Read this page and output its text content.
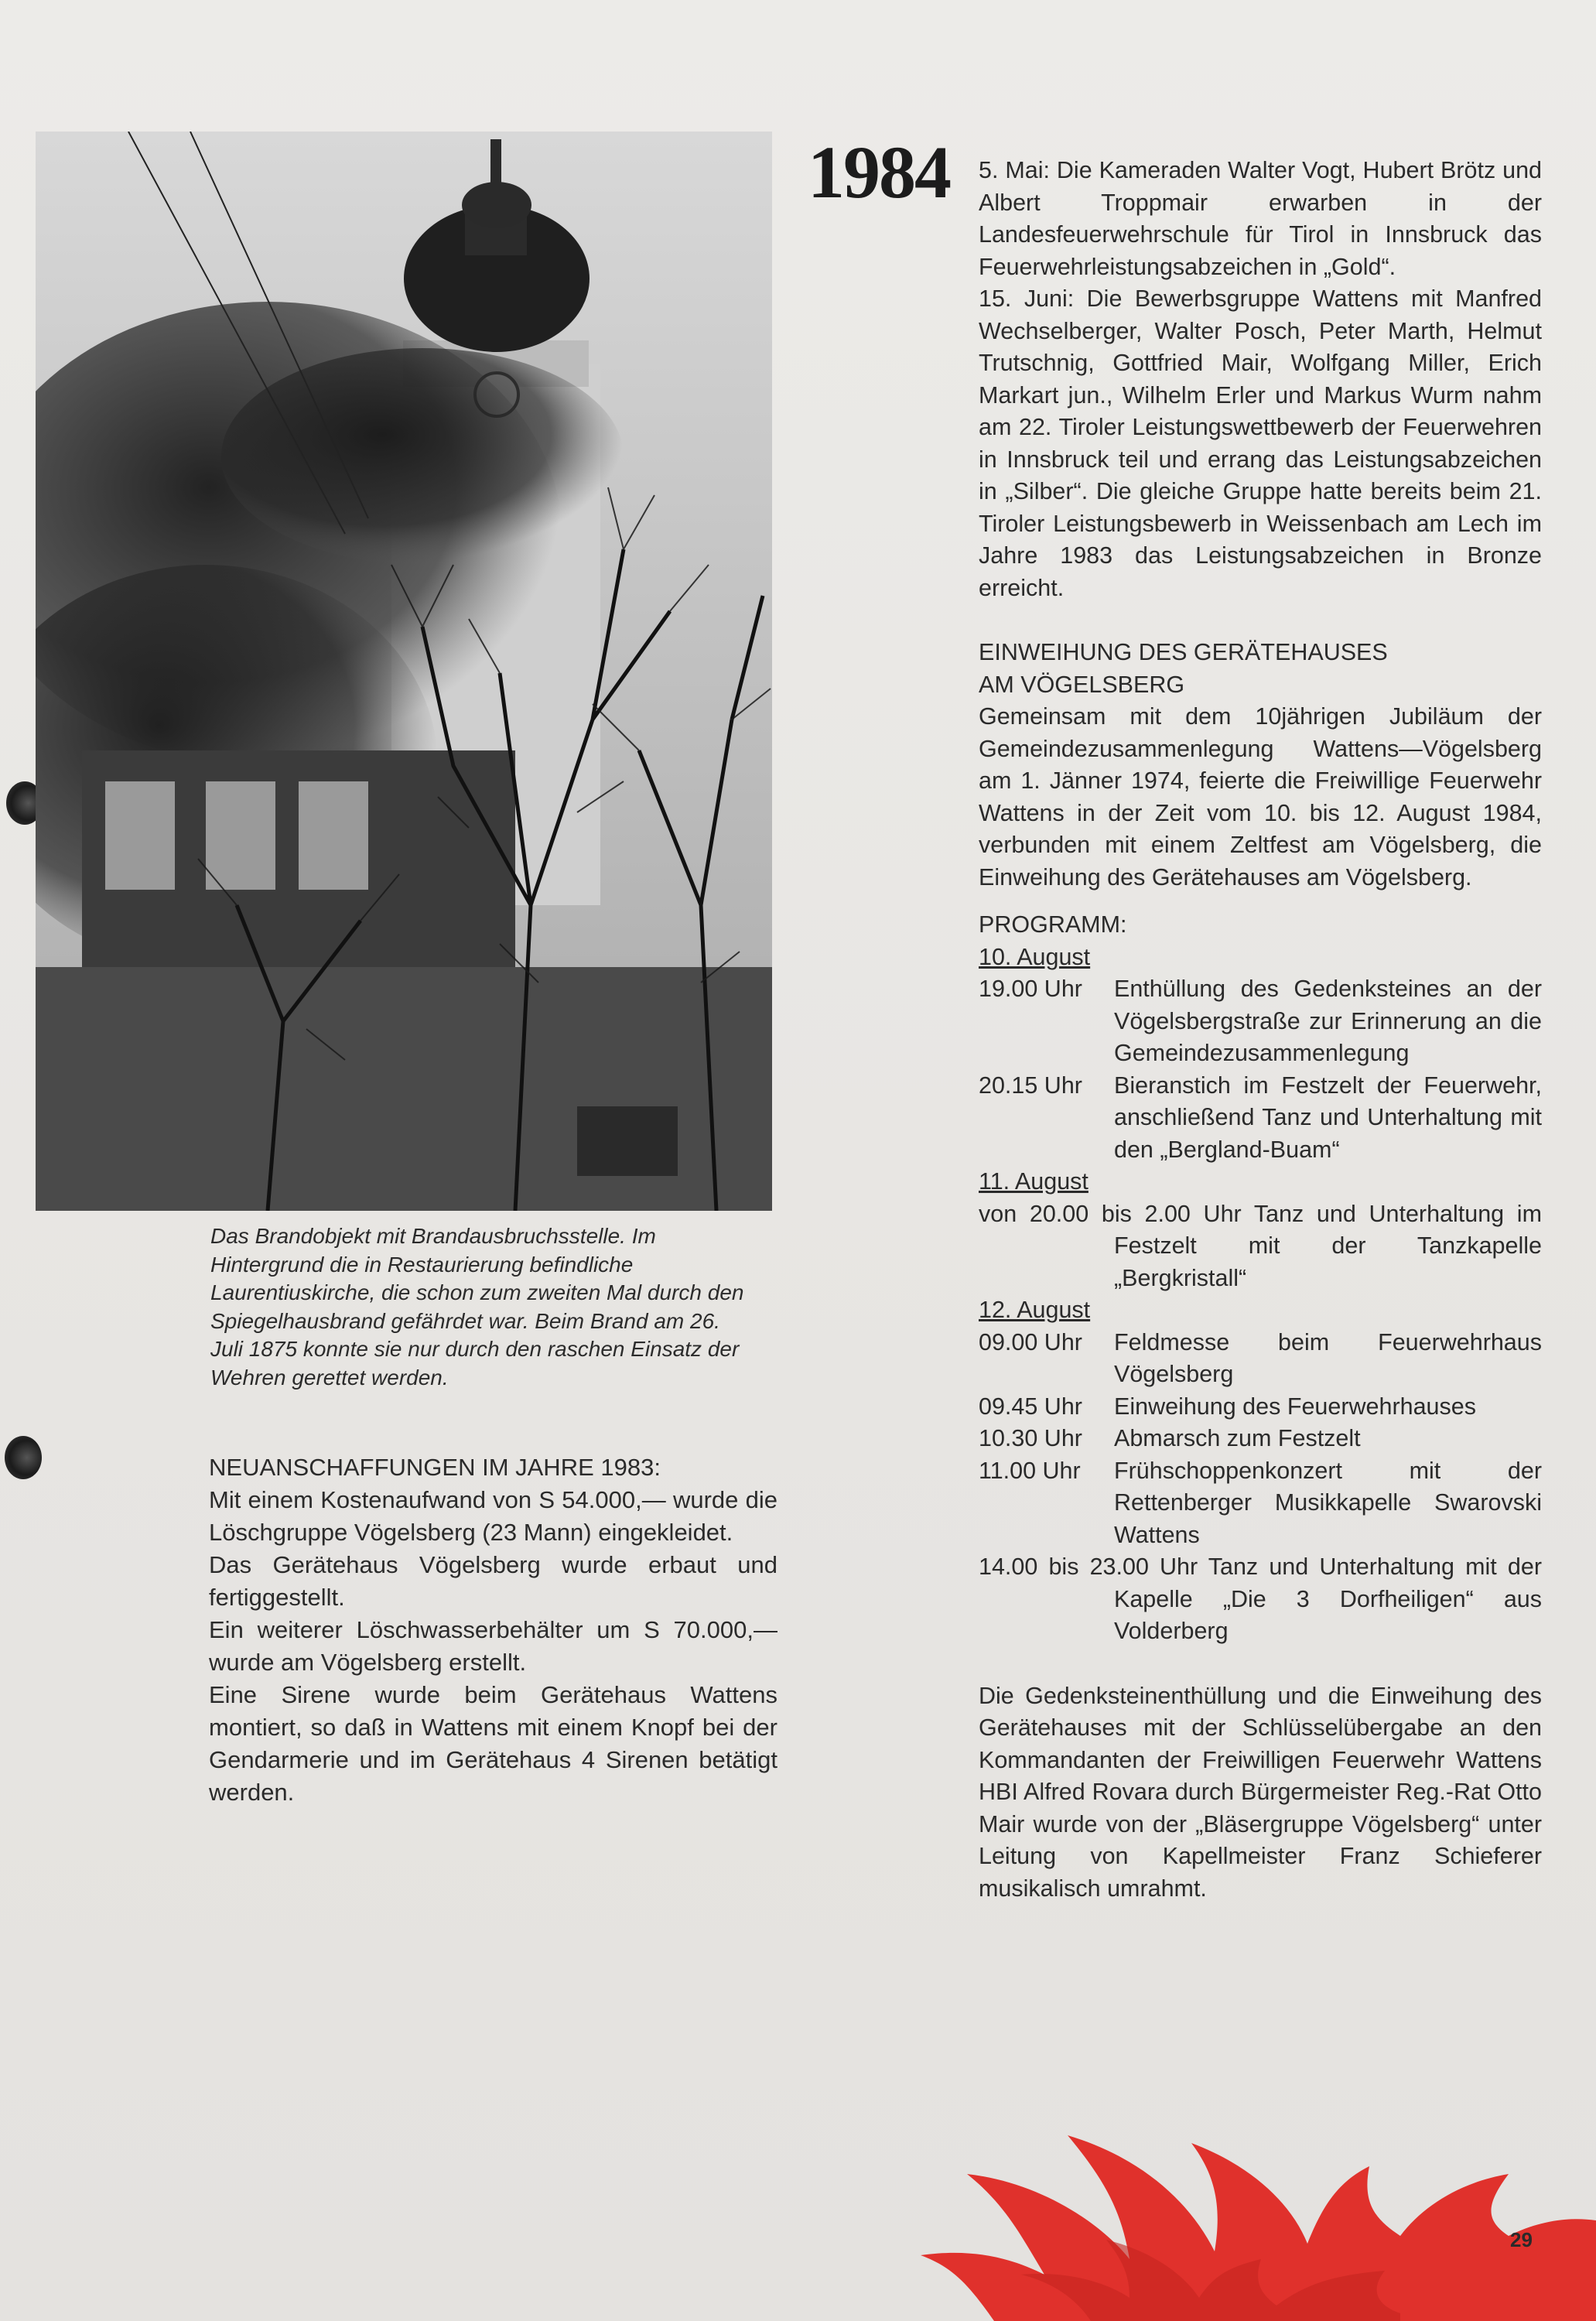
Das Brandobjekt mit Brandausbruchsstelle. Im Hintergrund die in Restaurierung befindliche Laurentiuskirche, die schon zum zweiten Mal durch den Spiegelhausbrand gefährdet war. Beim Brand am 26. Juli 1875 konnte sie nur durch den raschen Einsatz der Wehren gerettet werden.
NEUANSCHAFFUNGEN IM JAHRE 1983:

Mit einem Kostenaufwand von S 54.000,— wurde die Löschgruppe Vögelsberg (23 Mann) eingekleidet.

Das Gerätehaus Vögelsberg wurde erbaut und fertiggestellt.

Ein weiterer Löschwasserbehälter um S 70.000,— wurde am Vögelsberg erstellt.

Eine Sirene wurde beim Gerätehaus Wattens montiert, so daß in Wattens mit einem Knopf bei der Gendarmerie und im Gerätehaus 4 Sirenen betätigt werden.

1984 5. Mai: Die Kameraden Walter Vogt, Hubert Brötz und Albert Troppmair erwarben in der Landesfeuerwehrschule für Tirol in Innsbruck das Feuerwehrleistungsabzeichen in „Gold“.

15. Juni: Die Bewerbsgruppe Wattens mit Manfred Wechselberger, Walter Posch, Peter Marth, Helmut Trutschnig, Gottfried Mair, Wolfgang Miller, Erich Markart jun., Wilhelm Erler und Markus Wurm nahm am 22. Tiroler Leistungswettbewerb der Feuerwehren in Innsbruck teil und errang das Leistungsabzeichen in „Silber“. Die gleiche Gruppe hatte bereits beim 21. Tiroler Leistungsbewerb in Weissenbach am Lech im Jahre 1983 das Leistungsabzeichen in Bronze erreicht.

EINWEIHUNG DES GERÄTEHAUSES
AM VÖGELSBERG

Gemeinsam mit dem 10jährigen Jubiläum der Gemeindezusammenlegung Wattens—Vögelsberg am 1. Jänner 1974, feierte die Freiwillige Feuerwehr Wattens in der Zeit vom 10. bis 12. August 1984, verbunden mit einem Zeltfest am Vögelsberg, die Einweihung des Gerätehauses am Vögelsberg.

PROGRAMM:
10. August
19.00 Uhr	Enthüllung des Gedenksteines an der Vögelsbergstraße zur Erinnerung an die Gemeindezusammenlegung
20.15 Uhr	Bieranstich im Festzelt der Feuerwehr, anschließend Tanz und Unterhaltung mit den „Bergland-Buam“
11. August
von 20.00 bis 2.00 Uhr Tanz und Unterhaltung im Festzelt mit der Tanzkapelle „Bergkristall“
12. August
09.00 Uhr	Feldmesse beim Feuerwehrhaus Vögelsberg
09.45 Uhr	Einweihung des Feuerwehrhauses
10.30 Uhr	Abmarsch zum Festzelt
11.00 Uhr	Frühschoppenkonzert mit der Rettenberger Musikkapelle Swarovski Wattens
14.00 bis 23.00 Uhr Tanz und Unterhaltung mit der Kapelle „Die 3 Dorfheiligen“ aus Volderberg

Die Gedenksteinenthüllung und die Einweihung des Gerätehauses mit der Schlüsselübergabe an den Kommandanten der Freiwilligen Feuerwehr Wattens HBI Alfred Rovara durch Bürgermeister Reg.-Rat Otto Mair wurde von der „Bläsergruppe Vögelsberg“ unter Leitung von Kapellmeister Franz Schieferer musikalisch umrahmt.

29
